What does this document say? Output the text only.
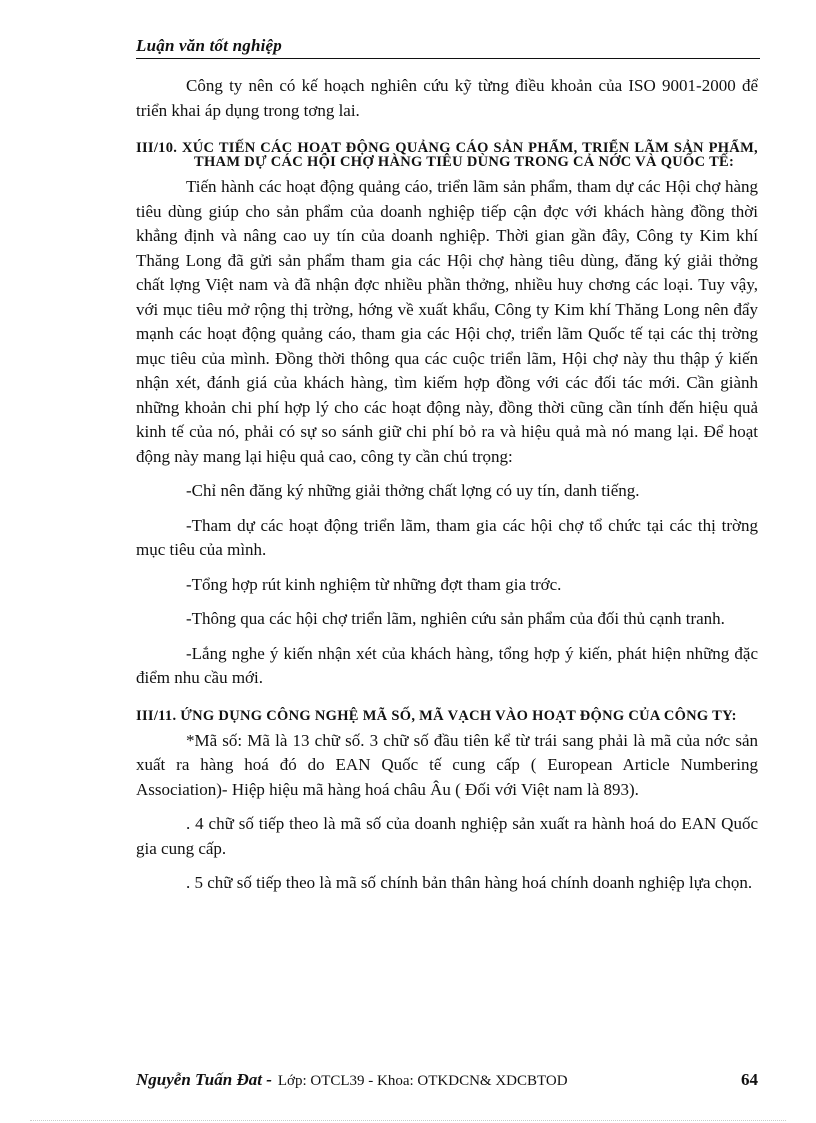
Luận văn tốt nghiệp

Công ty nên có kế hoạch nghiên cứu kỹ từng điều khoản của ISO 9001-2000 để triển khai áp dụng trong tơng lai.

III/10. XÚC TIẾN CÁC HOẠT ĐỘNG QUẢNG CÁO SẢN PHẨM, TRIỂN LÃM SẢN PHẨM, THAM DỰ CÁC HỘI CHỢ HÀNG TIÊU DÙNG TRONG CẢ NỚC VÀ QUỐC TẾ:

Tiến hành các hoạt động quảng cáo, triển lãm sản phẩm, tham dự các Hội chợ hàng tiêu dùng giúp cho sản phẩm của doanh nghiệp tiếp cận đợc với khách hàng đồng thời khẳng định và nâng cao uy tín của doanh nghiệp. Thời gian gần đây, Công ty Kim khí Thăng Long đã gửi sản phẩm tham gia các Hội chợ hàng tiêu dùng, đăng ký giải thởng chất lợng Việt nam và đã nhận đợc nhiều phần thởng, nhiều huy chơng các loại. Tuy vậy, với mục tiêu mở rộng thị trờng, hớng về xuất khẩu, Công ty Kim khí Thăng Long nên đẩy mạnh các hoạt động quảng cáo, tham gia các Hội chợ, triển lãm Quốc tế tại các thị trờng mục tiêu của mình. Đồng thời thông qua các cuộc triển lãm, Hội chợ này thu thập ý kiến nhận xét, đánh giá của khách hàng, tìm kiếm hợp đồng với các đối tác mới. Cần giành những khoản chi phí hợp lý cho các hoạt động này, đồng thời cũng cần tính đến hiệu quả kinh tế của nó, phải có sự so sánh giữ chi phí bỏ ra và hiệu quả mà nó mang lại. Để hoạt động này mang lại hiệu quả cao, công ty cần chú trọng:

-Chỉ nên đăng ký những giải thởng chất lợng có uy tín, danh tiếng.

-Tham dự các hoạt động triển lãm, tham gia các hội chợ tổ chức tại các thị trờng mục tiêu của mình.

-Tổng hợp rút kinh nghiệm từ những đợt tham gia trớc.

-Thông qua các hội chợ triển lãm, nghiên cứu sản phẩm của đối thủ cạnh tranh.

-Lắng nghe ý kiến nhận xét của khách hàng, tổng hợp ý kiến, phát hiện những đặc điểm nhu cầu mới.

III/11. ỨNG DỤNG CÔNG NGHỆ MÃ SỐ, MÃ VẠCH VÀO HOẠT ĐỘNG CỦA CÔNG TY:

*Mã số: Mã là 13 chữ số. 3 chữ số đầu tiên kể từ trái sang phải là mã của nớc sản xuất ra hàng hoá đó do EAN Quốc tế cung cấp ( European Article Numbering Association)- Hiệp hiệu mã hàng hoá châu Âu ( Đối với Việt nam là 893).

. 4 chữ số tiếp theo là mã số của doanh nghiệp sản xuất ra hành hoá do EAN Quốc gia cung cấp.

. 5 chữ số tiếp theo là mã số chính bản thân hàng hoá chính doanh nghiệp lựa chọn.

Nguyễn Tuấn Đat - Lớp: OTCL39 - Khoa: OTKDCN& XDCBTOD	64
